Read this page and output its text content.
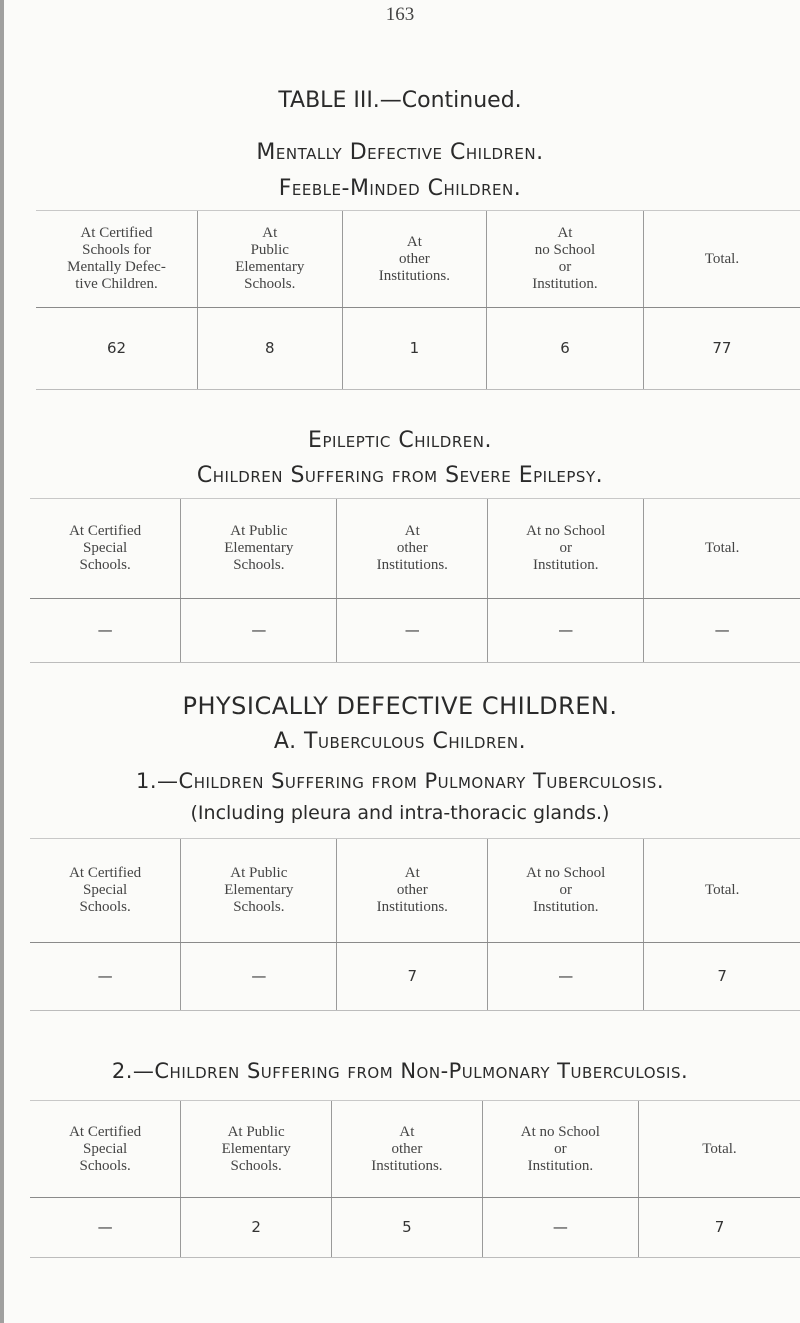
163
TABLE III.—Continued.
Mentally Defective Children.
Feeble-Minded Children.
At Certified
Schools for
Mentally Defec-
tive Children.	At
Public
Elementary
Schools.	At
other
Institutions.	At
no School
or
Institution.	Total.
62	8	1	6	77
Epileptic Children.
Children Suffering from Severe Epilepsy.
At Certified
Special
Schools.	At Public
Elementary
Schools.	At
other
Institutions.	At no School
or
Institution.	Total.
—	—	—	—	—
PHYSICALLY DEFECTIVE CHILDREN.
A. Tuberculous Children.
1.—Children Suffering from Pulmonary Tuberculosis.
(Including pleura and intra-thoracic glands.)
At Certified
Special
Schools.	At Public
Elementary
Schools.	At
other
Institutions.	At no School
or
Institution.	Total.
—	—	7	—	7
2.—Children Suffering from Non-Pulmonary Tuberculosis.
At Certified
Special
Schools.	At Public
Elementary
Schools.	At
other
Institutions.	At no School
or
Institution.	Total.
—	2	5	—	7
